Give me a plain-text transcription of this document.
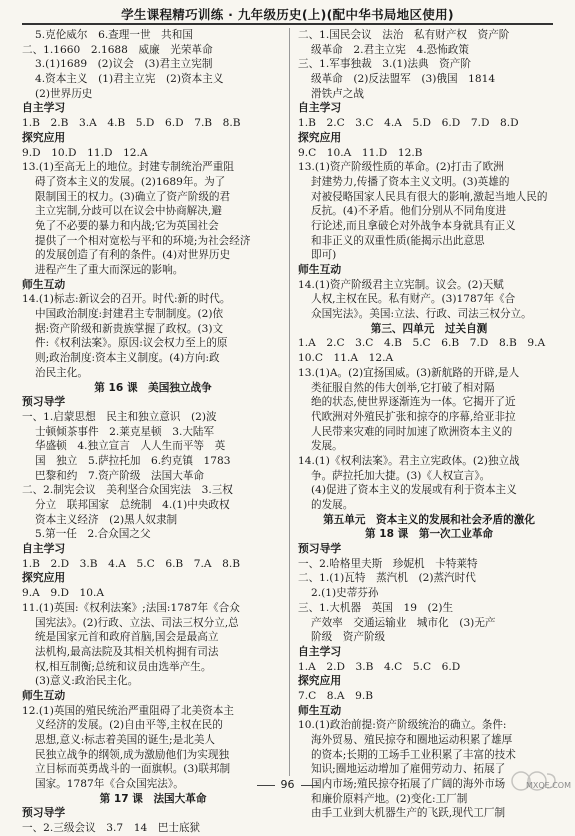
学生课程精巧训练 · 九年级历史(上)(配中华书局地区使用)
5.克伦威尔　6.查理一世　共和国
二、1.1660　2.1688　威廉　光荣革命
3.(1)1689　(2)议会　(3)君主立宪制
4.资本主义　(1)君主立宪　(2)资本主义
(2)世界历史
自主学习
1.B　2.B　3.A　4.B　5.D　6.D　7.B　8.B
探究应用
9.D　10.D　11.D　12.A
13.(1)至高无上的地位。封建专制统治严重阻
碍了资本主义的发展。(2)1689年。为了
限制国王的权力。(3)确立了资产阶级的君
主立宪制,分歧可以在议会中协商解决,避
免了不必要的暴力和内战;它为英国社会
提供了一个相对宽松与平和的环境;为社会经济
的发展创造了有利的条件。(4)对世界历史
进程产生了重大而深远的影响。
师生互动
14.(1)标志:新议会的召开。时代:新的时代。
中国政治制度:封建君主专制制度。(2)依
据:资产阶级和新贵族掌握了政权。(3)文
件:《权利法案》。原因:议会权力至上的原
则;政治制度:资本主义制度。(4)方向:政
治民主化。
第 16 课　美国独立战争
预习导学
一、1.启蒙思想　民主和独立意识　(2)波
士顿倾茶事件　2.莱克星顿　3.大陆军
华盛顿　4.独立宣言　人人生而平等　英
国　独立　5.萨拉托加　6.约克镇　1783
巴黎和约　7.资产阶级　法国大革命
二、2.制宪会议　美利坚合众国宪法　3.三权
分立　联邦国家　总统制　4.(1)中央政权
资本主义经济　(2)黑人奴隶制
5.第一任　2.合众国之父
自主学习
1.B　2.D　3.B　4.A　5.C　6.B　7.A　8.B
探究应用
9.A　9.D　10.A
11.(1)英国:《权利法案》;法国:1787年《合众
国宪法》。(2)行政、立法、司法三权分立,总
统是国家元首和政府首脑,国会是最高立
法机构,最高法院及其相关机构拥有司法
权,相互制衡;总统和议员由选举产生。
(3)意义:政治民主化。
师生互动
12.(1)英国的殖民统治严重阻碍了北美资本主
义经济的发展。(2)自由平等,主权在民的
思想,意义:标志着美国的诞生;是北美人
民独立战争的纲领,成为激励他们为实现独
立目标而英勇战斗的一面旗帜。(3)联邦制
国家。1787年《合众国宪法》。
第 17 课　法国大革命
预习导学
一、2.三级会议　3.7　14　巴士底狱
二、1.国民会议　法治　私有财产权　资产阶
级革命　2.君主立宪　4.恐怖政策
三、1.军事独裁　3.(1)法典　资产阶
级革命　(2)反法盟军　(3)俄国　1814
滑铁卢之战
自主学习
1.B　2.C　3.C　4.A　5.D　6.D　7.D　8.D
探究应用
9.C　10.A　11.D　12.B
13.(1)资产阶级性质的革命。(2)打击了欧洲
封建势力,传播了资本主义文明。(3)英雄的
对被侵略国家人民具有很大的影响,激起当地人民的
反抗。(4)不矛盾。他们分别从不同角度进
行论述,而且拿破仑对外战争本身就具有正义
和非正义的双重性质(能揭示出此意思
即可)
师生互动
14.(1)资产阶级君主立宪制。议会。(2)天赋
人权,主权在民。私有财产。(3)1787年《合
众国宪法》。美国:立法、行政、司法三权分立。
第三、四单元　过关自测
1.A　2.C　3.C　4.B　5.C　6.B　7.D　8.B　9.A
10.C　11.A　12.A
13.(1)A。(2)宜扬国威。(3)新航路的开辟,是人
类征服自然的伟大创举,它打破了相对隔
绝的状态,使世界逐渐连为一体。它揭开了近
代欧洲对外殖民扩张和掠夺的序幕,给亚非拉
人民带来灾难的同时加速了欧洲资本主义的
发展。
14.(1)《权利法案》。君主立宪政体。(2)独立战
争。萨拉托加大捷。(3)《人权宣言》。
(4)促进了资本主义的发展或有利于资本主义
的发展。
第五单元　资本主义的发展和社会矛盾的激化
第 18 课　第一次工业革命
预习导学
一、2.哈格里夫斯　珍妮机　卡特莱特
二、1.(1)瓦特　蒸汽机　(2)蒸汽时代
2.(1)史蒂芬孙
三、1.大机器　英国　19　(2)生
产效率　交通运输业　城市化　(3)无产
阶级　资产阶级
自主学习
1.A　2.D　3.B　4.C　5.C　6.D
探究应用
7.C　8.A　9.B
师生互动
10.(1)政治前提:资产阶级统治的确立。条件:
海外贸易、殖民掠夺和圈地运动积累了雄厚
的资本;长期的工场手工业积累了丰富的技术
知识;圈地运动增加了雇佣劳动力、拓展了
国内市场;殖民掠夺拓展了广阔的海外市场
和廉价原料产地。(2)变化:工厂制
由手工业到大机器生产的飞跃,现代工厂制
96	MXQE.COM
